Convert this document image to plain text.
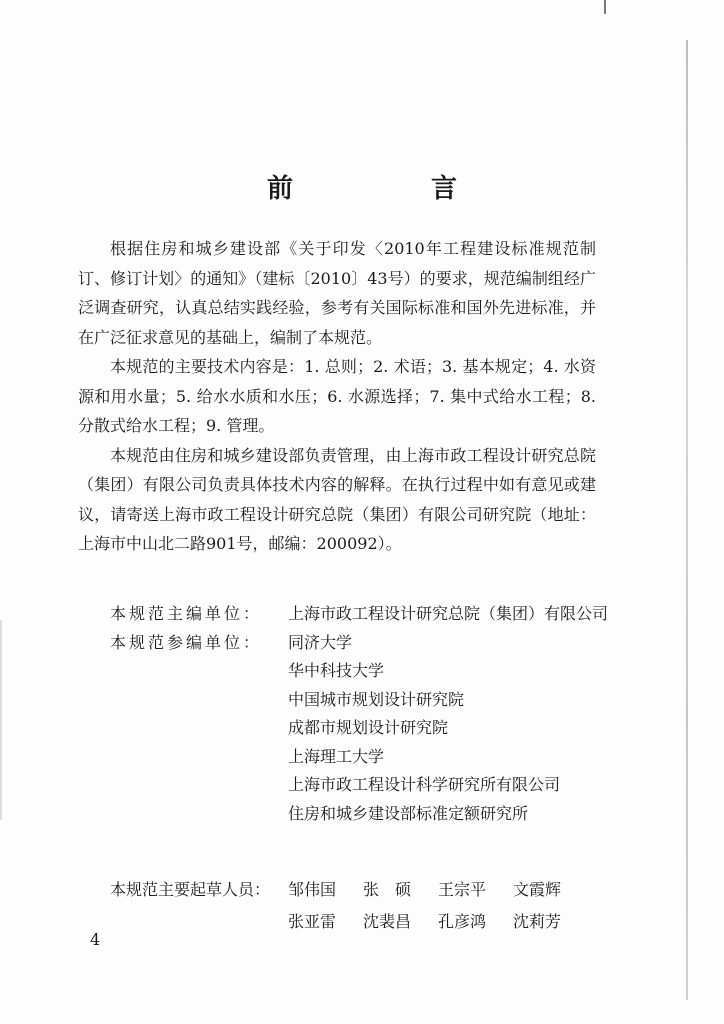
前　言

根据住房和城乡建设部《关于印发〈2010年工程建设标准规范制订、修订计划〉的通知》（建标〔2010〕43号）的要求，规范编制组经广泛调查研究，认真总结实践经验，参考有关国际标准和国外先进标准，并在广泛征求意见的基础上，编制了本规范。

本规范的主要技术内容是：1. 总则；2. 术语；3. 基本规定；4. 水资源和用水量；5. 给水水质和水压；6. 水源选择；7. 集中式给水工程；8. 分散式给水工程；9. 管理。

本规范由住房和城乡建设部负责管理，由上海市政工程设计研究总院（集团）有限公司负责具体技术内容的解释。在执行过程中如有意见或建议，请寄送上海市政工程设计研究总院（集团）有限公司研究院（地址：上海市中山北二路901号，邮编：200092）。

本规范主编单位：	上海市政工程设计研究总院（集团）有限公司
本规范参编单位：	同济大学
华中科技大学
中国城市规划设计研究院
成都市规划设计研究院
上海理工大学
上海市政工程设计科学研究所有限公司
住房和城乡建设部标准定额研究所
本规范主要起草人员：	邹伟国	张　硕	王宗平	文霞辉
张亚雷	沈裴昌	孔彦鸿	沈莉芳
4
